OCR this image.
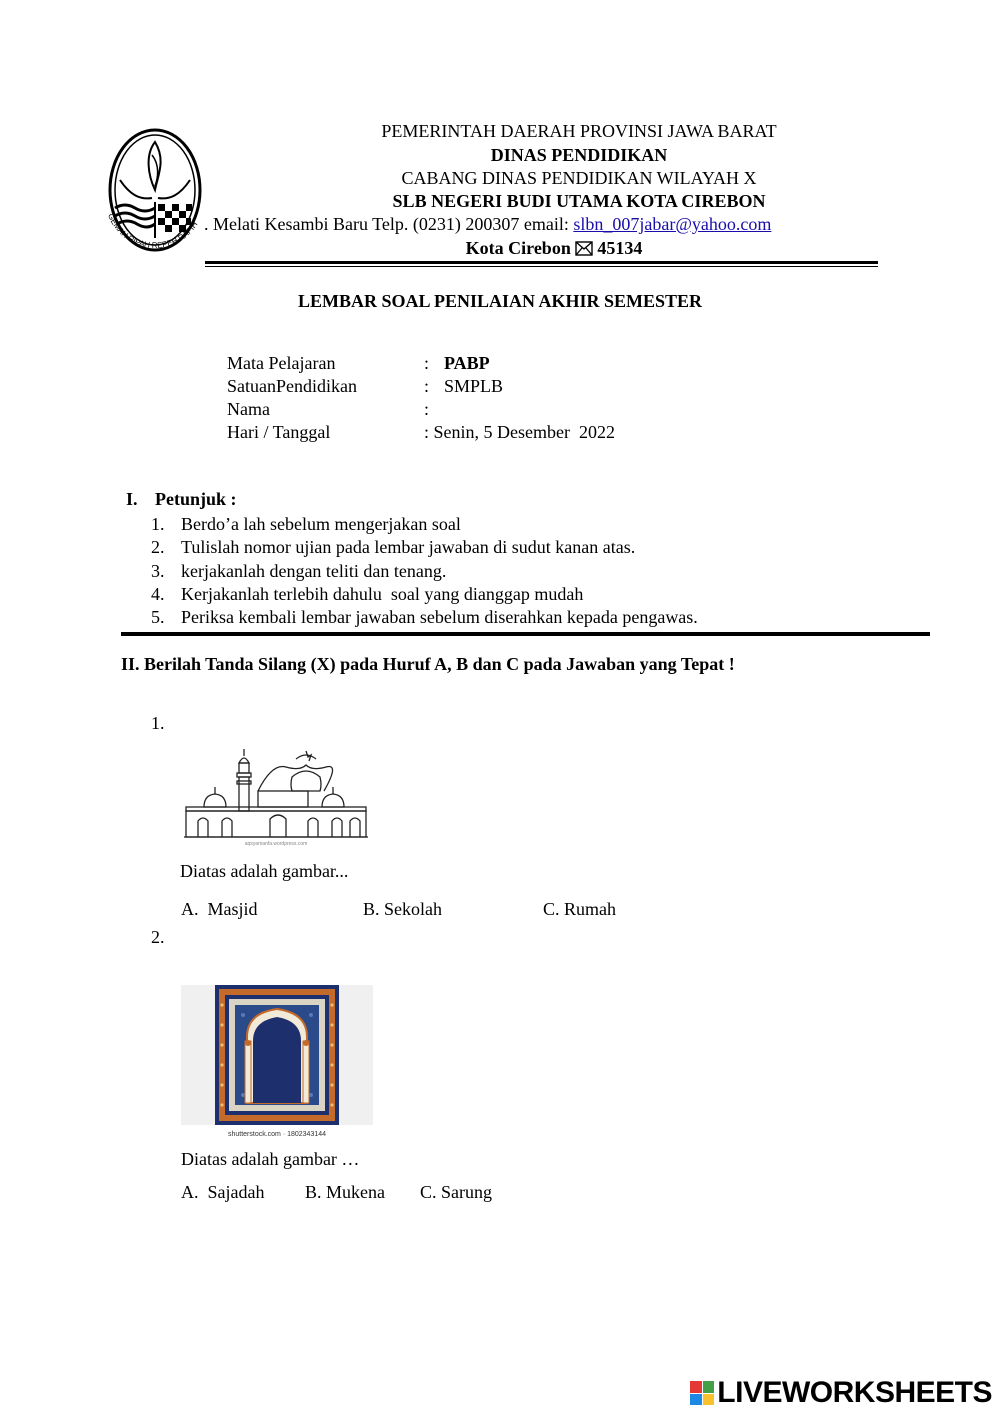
GEMAH RIPAH REPEH RAPIH
PEMERINTAH DAERAH PROVINSI JAWA BARAT
DINAS PENDIDIKAN
CABANG DINAS PENDIDIKAN WILAYAH X
SLB NEGERI BUDI UTAMA KOTA CIREBON
. Melati Kesambi Baru Telp. (0231) 200307 email: slbn_007jabar@yahoo.com
Kota Cirebon 45134
LEMBAR SOAL PENILAIAN AKHIR SEMESTER
Mata Pelajaran	: PABP
SatuanPendidikan	: SMPLB
Nama	:
Hari / Tanggal	: Senin, 5 Desember  2022
I. Petunjuk :
1. Berdo’a lah sebelum mengerjakan soal
2. Tulislah nomor ujian pada lembar jawaban di sudut kanan atas.
3. kerjakanlah dengan teliti dan tenang.
4. Kerjakanlah terlebih dahulu  soal yang dianggap mudah
5. Periksa kembali lembar jawaban sebelum diserahkan kepada pengawas.
II. Berilah Tanda Silang (X) pada Huruf A, B dan C pada Jawaban yang Tepat !
1.
aqsyamanfa.wordpress.com
Diatas adalah gambar...
A.  Masjid	B. Sekolah	C. Rumah
2.
shutterstock.com · 1802343144
Diatas adalah gambar …
A.  Sajadah B. Mukena C. Sarung
LIVEWORKSHEETS
